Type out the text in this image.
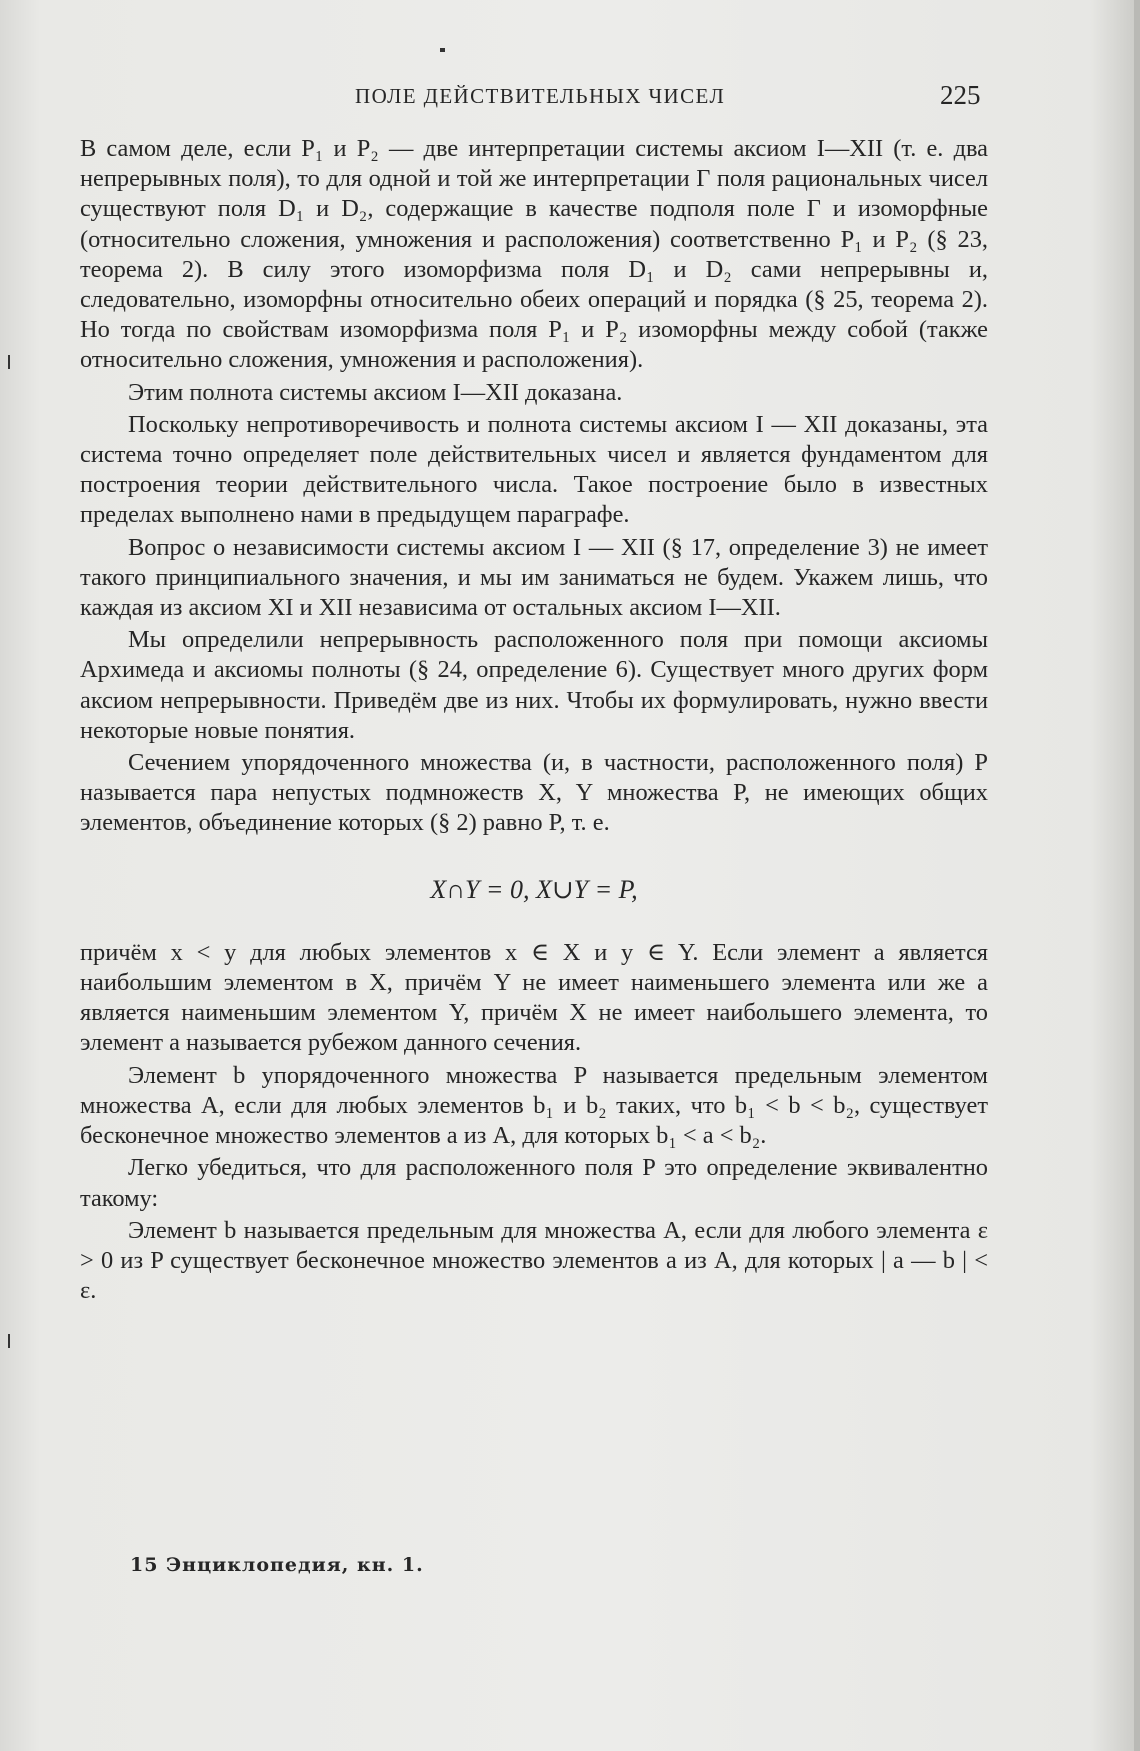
ПОЛЕ ДЕЙСТВИТЕЛЬНЫХ ЧИСЕЛ	225

В самом деле, если P₁ и P₂ — две интерпретации системы аксиом I—XII (т. е. два непрерывных поля), то для одной и той же интерпретации Г поля рациональных чисел существуют поля D₁ и D₂, содержащие в качестве подполя поле Г и изоморфные (относительно сложения, умножения и расположения) соответственно P₁ и P₂ (§ 23, теорема 2). В силу этого изоморфизма поля D₁ и D₂ сами непрерывны и, следовательно, изоморфны относительно обеих операций и порядка (§ 25, теорема 2). Но тогда по свойствам изоморфизма поля P₁ и P₂ изоморфны между собой (также относительно сложения, умножения и расположения).

Этим полнота системы аксиом I—XII доказана.

Поскольку непротиворечивость и полнота системы аксиом I — XII доказаны, эта система точно определяет поле действительных чисел и является фундаментом для построения теории действительного числа. Такое построение было в известных пределах выполнено нами в предыдущем параграфе.

Вопрос о независимости системы аксиом I — XII (§ 17, определение 3) не имеет такого принципиального значения, и мы им заниматься не будем. Укажем лишь, что каждая из аксиом XI и XII независима от остальных аксиом I—XII.

Мы определили непрерывность расположенного поля при помощи аксиомы Архимеда и аксиомы полноты (§ 24, определение 6). Существует много других форм аксиом непрерывности. Приведём две из них. Чтобы их формулировать, нужно ввести некоторые новые понятия.

Сечением упорядоченного множества (и, в частности, расположенного поля) P называется пара непустых подмножеств X, Y множества P, не имеющих общих элементов, объединение которых (§ 2) равно P, т. е.

X∩Y = 0, X∪Y = P,

причём x < y для любых элементов x ∈ X и y ∈ Y. Если элемент a является наибольшим элементом в X, причём Y не имеет наименьшего элемента или же a является наименьшим элементом Y, причём X не имеет наибольшего элемента, то элемент a называется рубежом данного сечения.

Элемент b упорядоченного множества P называется предельным элементом множества A, если для любых элементов b₁ и b₂ таких, что b₁ < b < b₂, существует бесконечное множество элементов a из A, для которых b₁ < a < b₂.

Легко убедиться, что для расположенного поля P это определение эквивалентно такому:

Элемент b называется предельным для множества A, если для любого элемента ε > 0 из P существует бесконечное множество элементов a из A, для которых | a — b | < ε.

15 Энциклопедия, кн. 1.
